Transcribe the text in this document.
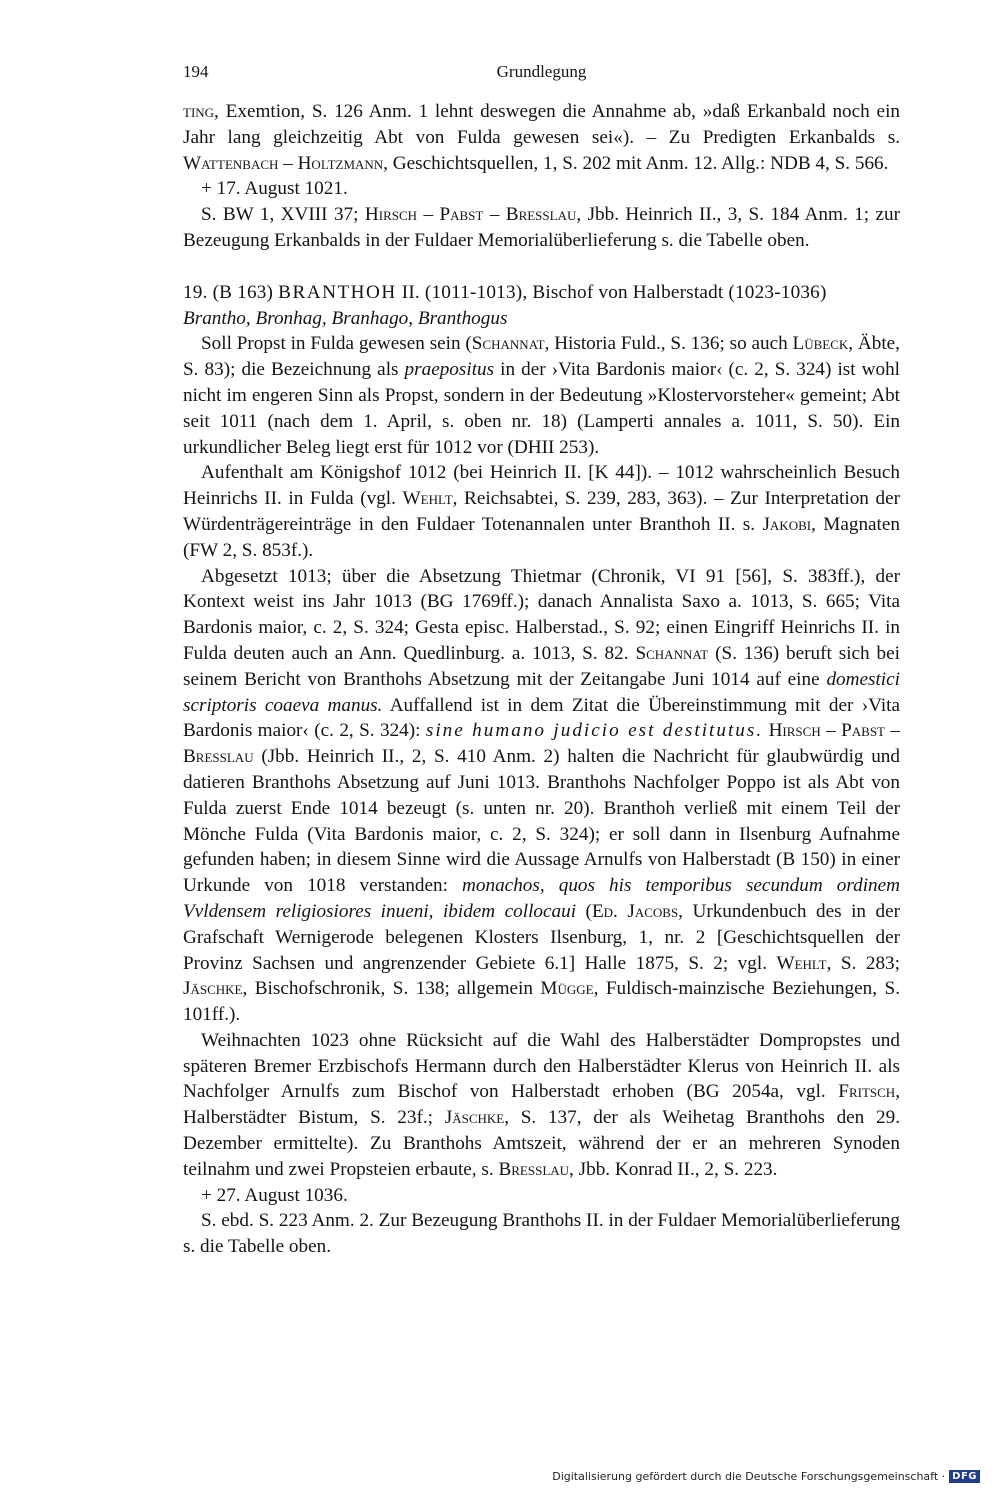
194	Grundlegung

ting, Exemtion, S. 126 Anm. 1 lehnt deswegen die Annahme ab, »daß Erkanbald noch ein Jahr lang gleichzeitig Abt von Fulda gewesen sei«). – Zu Predigten Erkanbalds s. Wattenbach – Holtzmann, Geschichtsquellen, 1, S. 202 mit Anm. 12. Allg.: NDB 4, S. 566.

+ 17. August 1021.

S. BW 1, XVIII 37; Hirsch – Pabst – Bresslau, Jbb. Heinrich II., 3, S. 184 Anm. 1; zur Bezeugung Erkanbalds in der Fuldaer Memorialüberlieferung s. die Tabelle oben.

19. (B 163) BRANTHOH II. (1011-1013), Bischof von Halberstadt (1023-1036)

Brantho, Bronhag, Branhago, Branthogus

Soll Propst in Fulda gewesen sein (Schannat, Historia Fuld., S. 136; so auch Lübeck, Äbte, S. 83); die Bezeichnung als praepositus in der ›Vita Bardonis maior‹ (c. 2, S. 324) ist wohl nicht im engeren Sinn als Propst, sondern in der Bedeutung »Klostervorsteher« gemeint; Abt seit 1011 (nach dem 1. April, s. oben nr. 18) (Lamperti annales a. 1011, S. 50). Ein urkundlicher Beleg liegt erst für 1012 vor (DHII 253).

Aufenthalt am Königshof 1012 (bei Heinrich II. [K 44]). – 1012 wahrscheinlich Besuch Heinrichs II. in Fulda (vgl. Wehlt, Reichsabtei, S. 239, 283, 363). – Zur Interpretation der Würdenträgereinträge in den Fuldaer Totenannalen unter Branthoh II. s. Jakobi, Magnaten (FW 2, S. 853f.).

Abgesetzt 1013; über die Absetzung Thietmar (Chronik, VI 91 [56], S. 383ff.), der Kontext weist ins Jahr 1013 (BG 1769ff.); danach Annalista Saxo a. 1013, S. 665; Vita Bardonis maior, c. 2, S. 324; Gesta episc. Halberstad., S. 92; einen Eingriff Heinrichs II. in Fulda deuten auch an Ann. Quedlinburg. a. 1013, S. 82. Schannat (S. 136) beruft sich bei seinem Bericht von Branthohs Absetzung mit der Zeitangabe Juni 1014 auf eine domestici scriptoris coaeva manus. Auffallend ist in dem Zitat die Übereinstimmung mit der ›Vita Bardonis maior‹ (c. 2, S. 324): sine humano judicio est destitutus. Hirsch – Pabst – Bresslau (Jbb. Heinrich II., 2, S. 410 Anm. 2) halten die Nachricht für glaubwürdig und datieren Branthohs Absetzung auf Juni 1013. Branthohs Nachfolger Poppo ist als Abt von Fulda zuerst Ende 1014 bezeugt (s. unten nr. 20). Branthoh verließ mit einem Teil der Mönche Fulda (Vita Bardonis maior, c. 2, S. 324); er soll dann in Ilsenburg Aufnahme gefunden haben; in diesem Sinne wird die Aussage Arnulfs von Halberstadt (B 150) in einer Urkunde von 1018 verstanden: monachos, quos his temporibus secundum ordinem Vvldensem religiosiores inueni, ibidem collocaui (Ed. Jacobs, Urkundenbuch des in der Grafschaft Wernigerode belegenen Klosters Ilsenburg, 1, nr. 2 [Geschichtsquellen der Provinz Sachsen und angrenzender Gebiete 6.1] Halle 1875, S. 2; vgl. Wehlt, S. 283; Jäschke, Bischofschronik, S. 138; allgemein Mügge, Fuldisch-mainzische Beziehungen, S. 101ff.).

Weihnachten 1023 ohne Rücksicht auf die Wahl des Halberstädter Dompropstes und späteren Bremer Erzbischofs Hermann durch den Halberstädter Klerus von Heinrich II. als Nachfolger Arnulfs zum Bischof von Halberstadt erhoben (BG 2054a, vgl. Fritsch, Halberstädter Bistum, S. 23f.; Jäschke, S. 137, der als Weihetag Branthohs den 29. Dezember ermittelte). Zu Branthohs Amtszeit, während der er an mehreren Synoden teilnahm und zwei Propsteien erbaute, s. Bresslau, Jbb. Konrad II., 2, S. 223.

+ 27. August 1036.

S. ebd. S. 223 Anm. 2. Zur Bezeugung Branthohs II. in der Fuldaer Memorialüberlieferung s. die Tabelle oben.

Digitalisierung gefördert durch die Deutsche Forschungsgemeinschaft · DFG
